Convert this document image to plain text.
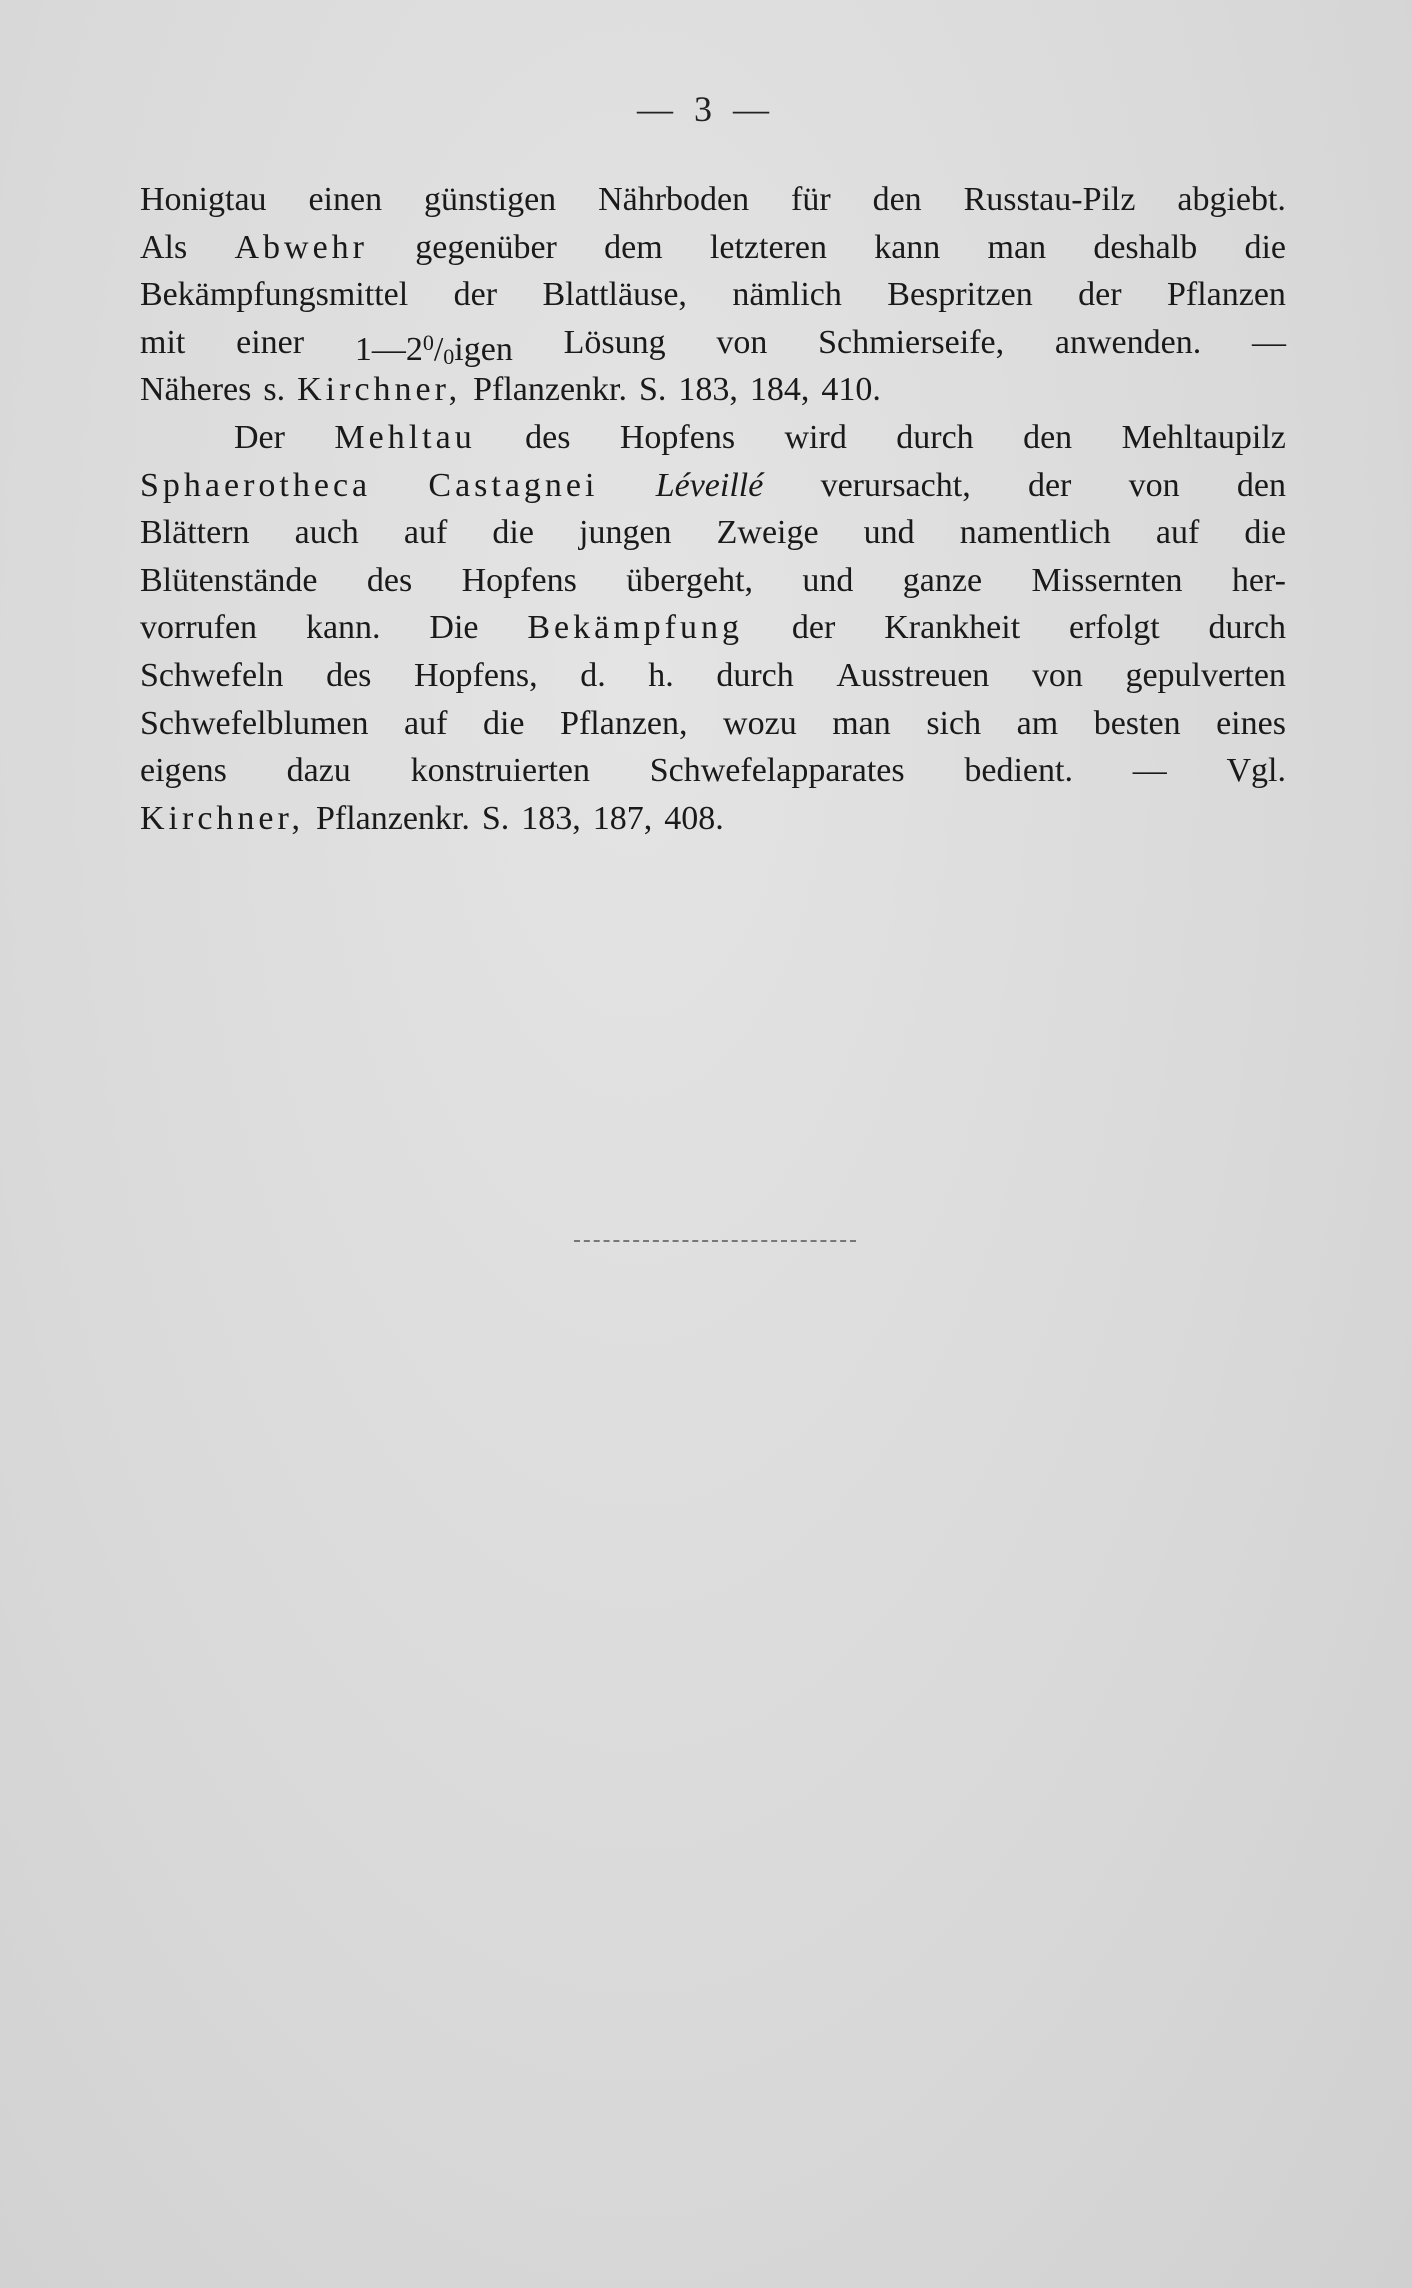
— 3 —
Honigtau einen günstigen Nährboden für den Russtau-Pilz abgiebt.
Als Abwehr gegenüber dem letzteren kann man deshalb die
Bekämpfungsmittel der Blattläuse, nämlich Bespritzen der Pflanzen
mit einer $1—2^0/0igen$ Lösung von Schmierseife, anwenden. —
Näheres s. Kirchner, Pflanzenkr. S. 183, 184, 410.
Der Mehltau des Hopfens wird durch den Mehltaupilz
Sphaerotheca Castagnei Léveillé verursacht, der von den
Blättern auch auf die jungen Zweige und namentlich auf die
Blütenstände des Hopfens übergeht, und ganze Missernten her-
vorrufen kann. Die Bekämpfung der Krankheit erfolgt durch
Schwefeln des Hopfens, d. h. durch Ausstreuen von gepulverten
Schwefelblumen auf die Pflanzen, wozu man sich am besten eines
eigens dazu konstruierten Schwefelapparates bedient. — Vgl.
Kirchner, Pflanzenkr. S. 183, 187, 408.
